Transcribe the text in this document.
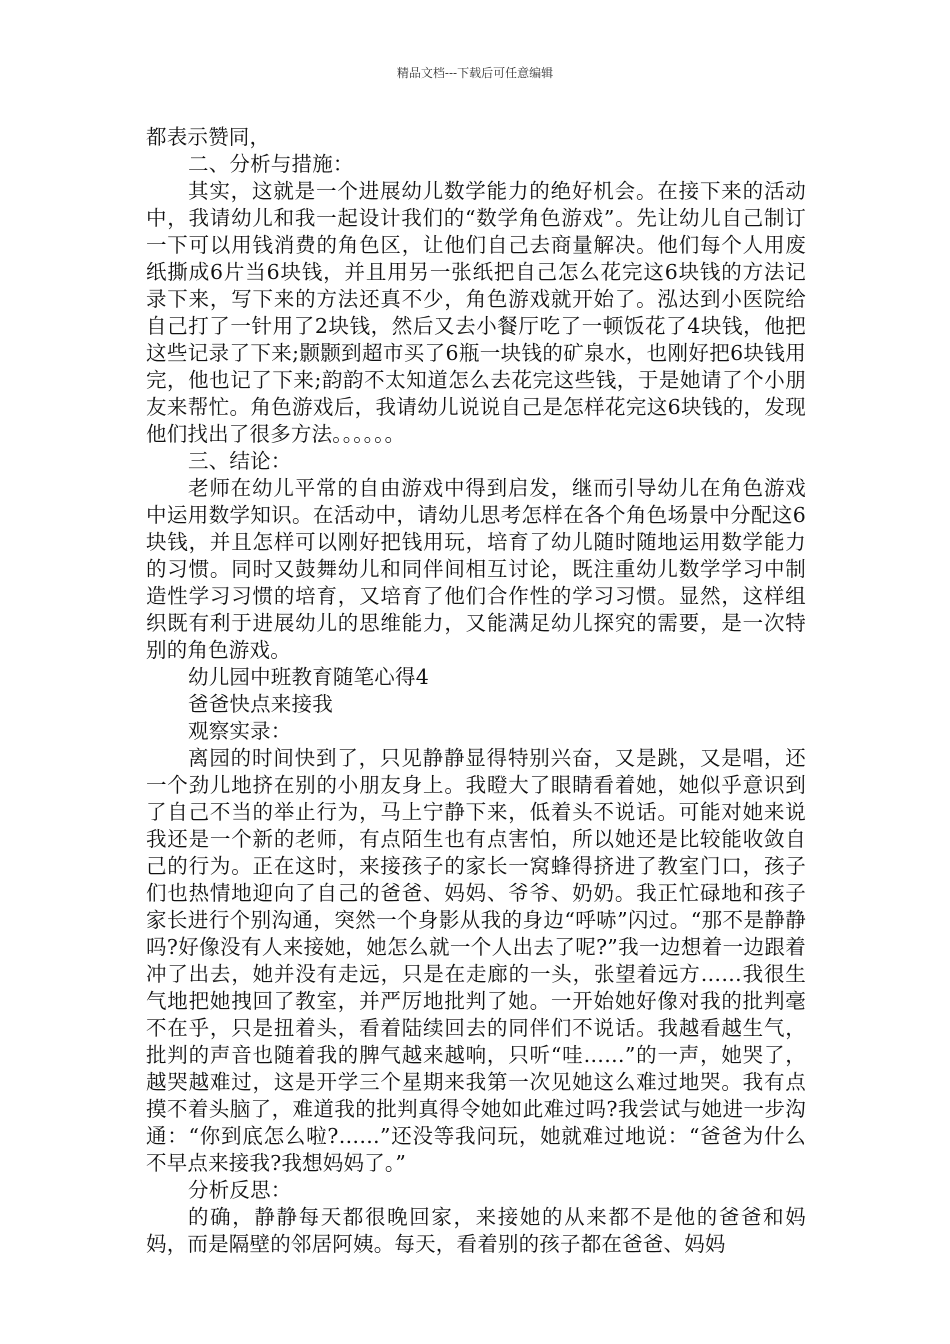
精品文档---下载后可任意编辑

都表示赞同，

二、分析与措施：

其实，这就是一个进展幼儿数学能力的绝好机会。在接下来的活动中，我请幼儿和我一起设计我们的“数学角色游戏”。先让幼儿自己制订一下可以用钱消费的角色区，让他们自己去商量解决。他们每个人用废纸撕成6片当6块钱，并且用另一张纸把自己怎么花完这6块钱的方法记录下来，写下来的方法还真不少，角色游戏就开始了。泓达到小医院给自己打了一针用了2块钱，然后又去小餐厅吃了一顿饭花了4块钱，他把这些记录了下来;颢颢到超市买了6瓶一块钱的矿泉水，也刚好把6块钱用完，他也记了下来;韵韵不太知道怎么去花完这些钱，于是她请了个小朋友来帮忙。角色游戏后，我请幼儿说说自己是怎样花完这6块钱的，发现他们找出了很多方法。。。。。。

三、结论：

老师在幼儿平常的自由游戏中得到启发，继而引导幼儿在角色游戏中运用数学知识。在活动中，请幼儿思考怎样在各个角色场景中分配这6块钱，并且怎样可以刚好把钱用玩，培育了幼儿随时随地运用数学能力的习惯。同时又鼓舞幼儿和同伴间相互讨论，既注重幼儿数学学习中制造性学习习惯的培育，又培育了他们合作性的学习习惯。显然，这样组织既有利于进展幼儿的思维能力，又能满足幼儿探究的需要，是一次特别的角色游戏。

幼儿园中班教育随笔心得4

爸爸快点来接我

观察实录：

离园的时间快到了，只见静静显得特别兴奋，又是跳，又是唱，还一个劲儿地挤在别的小朋友身上。我瞪大了眼睛看着她，她似乎意识到了自己不当的举止行为，马上宁静下来，低着头不说话。可能对她来说我还是一个新的老师，有点陌生也有点害怕，所以她还是比较能收敛自己的行为。正在这时，来接孩子的家长一窝蜂得挤进了教室门口，孩子们也热情地迎向了自己的爸爸、妈妈、爷爷、奶奶。我正忙碌地和孩子家长进行个别沟通，突然一个身影从我的身边“呼哧”闪过。“那不是静静吗?好像没有人来接她，她怎么就一个人出去了呢?”我一边想着一边跟着冲了出去，她并没有走远，只是在走廊的一头，张望着远方……我很生气地把她拽回了教室，并严厉地批判了她。一开始她好像对我的批判毫不在乎，只是扭着头，看着陆续回去的同伴们不说话。我越看越生气，批判的声音也随着我的脾气越来越响，只听“哇……”的一声，她哭了，越哭越难过，这是开学三个星期来我第一次见她这么难过地哭。我有点摸不着头脑了，难道我的批判真得令她如此难过吗?我尝试与她进一步沟通：“你到底怎么啦?……”还没等我问玩，她就难过地说：“爸爸为什么不早点来接我?我想妈妈了。”

分析反思：

的确，静静每天都很晚回家，来接她的从来都不是他的爸爸和妈妈，而是隔壁的邻居阿姨。每天，看着别的孩子都在爸爸、妈妈
